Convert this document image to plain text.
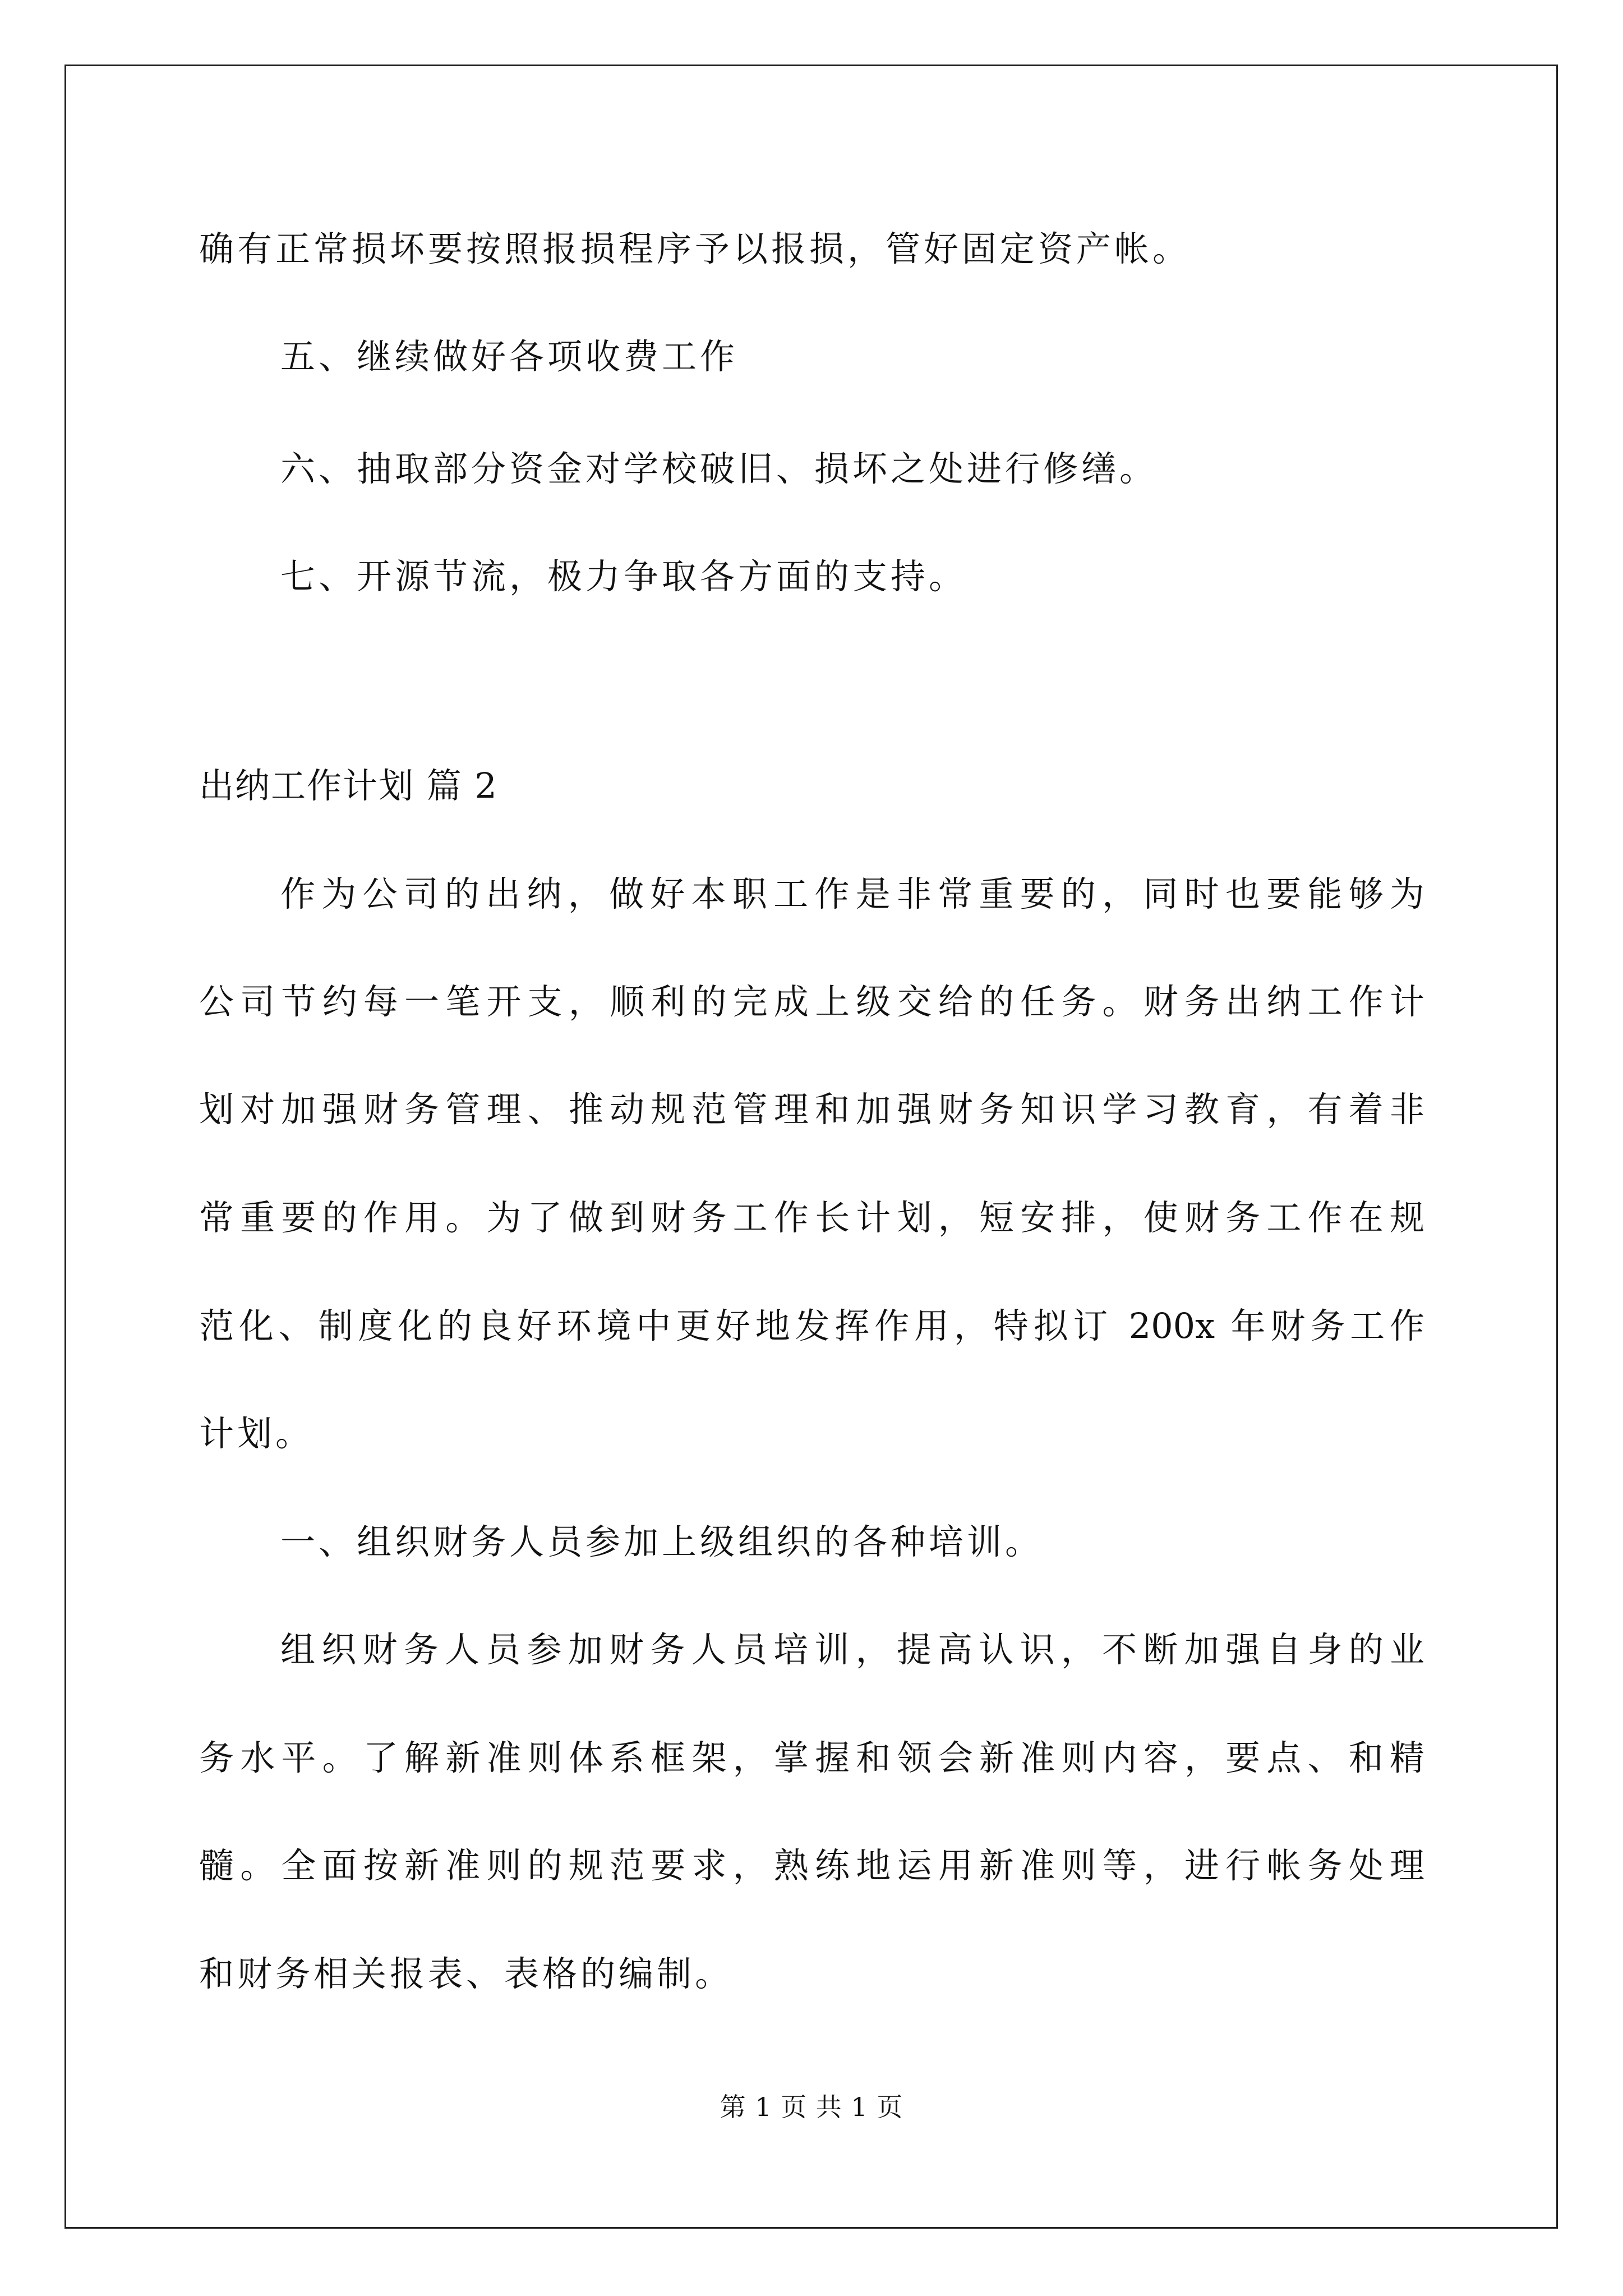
确有正常损坏要按照报损程序予以报损，管好固定资产帐。
五、继续做好各项收费工作
六、抽取部分资金对学校破旧、损坏之处进行修缮。
七、开源节流，极力争取各方面的支持。
出纳工作计划 篇 2
作为公司的出纳，做好本职工作是非常重要的，同时也要能够为
公司节约每一笔开支，顺利的完成上级交给的任务。财务出纳工作计
划对加强财务管理、推动规范管理和加强财务知识学习教育，有着非
常重要的作用。为了做到财务工作长计划，短安排，使财务工作在规
范化、制度化的良好环境中更好地发挥作用，特拟订 200x 年财务工作
计划。
一、组织财务人员参加上级组织的各种培训。
组织财务人员参加财务人员培训，提高认识，不断加强自身的业
务水平。了解新准则体系框架，掌握和领会新准则内容，要点、和精
髓。全面按新准则的规范要求，熟练地运用新准则等，进行帐务处理
和财务相关报表、表格的编制。
第 1 页 共 1 页
